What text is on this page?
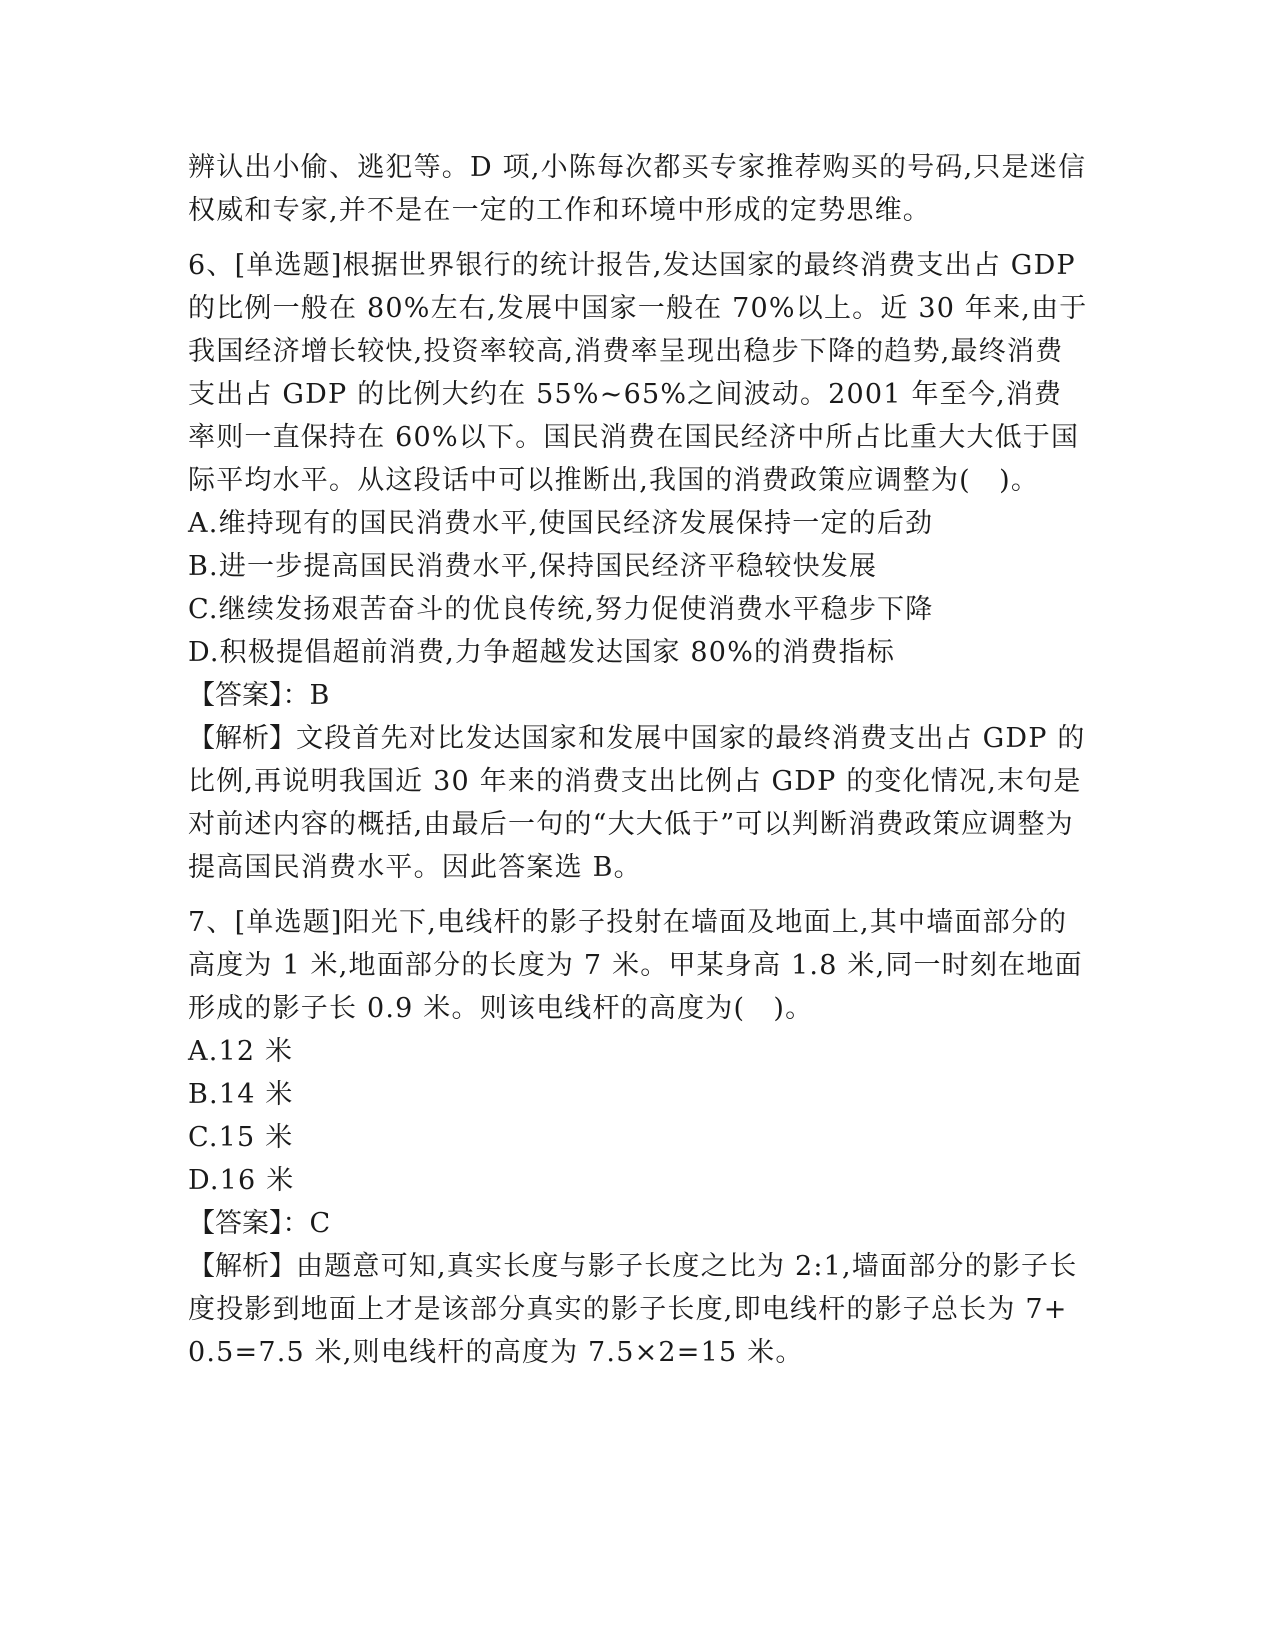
辨认出小偷、逃犯等。D 项,小陈每次都买专家推荐购买的号码,只是迷信权威和专家,并不是在一定的工作和环境中形成的定势思维。

6、[单选题]根据世界银行的统计报告,发达国家的最终消费支出占 GDP 的比例一般在 80%左右,发展中国家一般在 70%以上。近 30 年来,由于我国经济增长较快,投资率较高,消费率呈现出稳步下降的趋势,最终消费支出占 GDP 的比例大约在 55%~65%之间波动。2001 年至今,消费率则一直保持在 60%以下。国民消费在国民经济中所占比重大大低于国际平均水平。从这段话中可以推断出,我国的消费政策应调整为(　)。

A.维持现有的国民消费水平,使国民经济发展保持一定的后劲

B.进一步提高国民消费水平,保持国民经济平稳较快发展

C.继续发扬艰苦奋斗的优良传统,努力促使消费水平稳步下降

D.积极提倡超前消费,力争超越发达国家 80%的消费指标

【答案】：B

【解析】文段首先对比发达国家和发展中国家的最终消费支出占 GDP 的比例,再说明我国近 30 年来的消费支出比例占 GDP 的变化情况,末句是对前述内容的概括,由最后一句的“大大低于”可以判断消费政策应调整为提高国民消费水平。因此答案选 B。

7、[单选题]阳光下,电线杆的影子投射在墙面及地面上,其中墙面部分的高度为 1 米,地面部分的长度为 7 米。甲某身高 1.8 米,同一时刻在地面形成的影子长 0.9 米。则该电线杆的高度为(　)。

A.12 米

B.14 米

C.15 米

D.16 米

【答案】：C

【解析】由题意可知,真实长度与影子长度之比为 2:1,墙面部分的影子长度投影到地面上才是该部分真实的影子长度,即电线杆的影子总长为 7+0.5=7.5 米,则电线杆的高度为 7.5×2=15 米。
